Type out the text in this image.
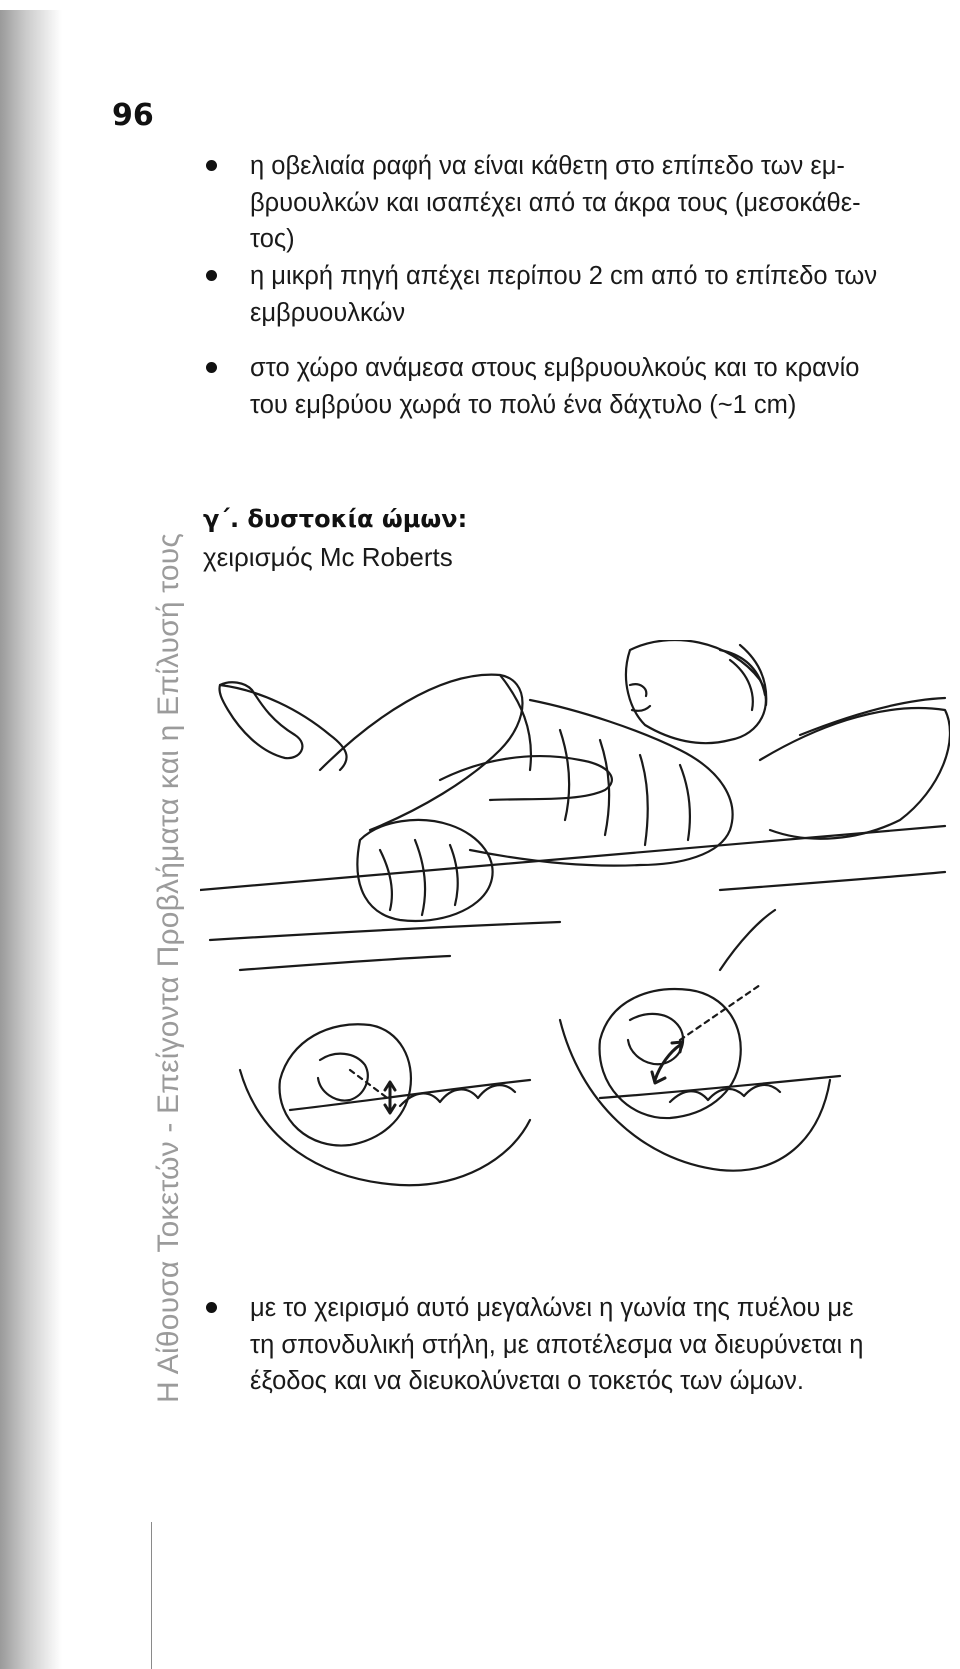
Η Αίθουσα Τοκετών - Επείγοντα Προβλήματα και η Επίλυσή τους
96
η οβελιαία ραφή να είναι κάθετη στο επίπεδο των εμ-
βρυουλκών και ισαπέχει από τα άκρα τους (μεσοκάθε-
τος)
η μικρή πηγή απέχει περίπου 2 cm από το επίπεδο των
εμβρυουλκών
στο χώρο ανάμεσα στους εμβρυουλκούς και το κρανίο
του εμβρύου χωρά το πολύ ένα δάχτυλο (~1 cm)
γ΄. δυστοκία ώμων:
χειρισμός Mc Roberts
με το χειρισμό αυτό μεγαλώνει η γωνία της πυέλου με
τη σπονδυλική στήλη, με αποτέλεσμα να διευρύνεται η
έξοδος και να διευκολύνεται ο τοκετός των ώμων.
